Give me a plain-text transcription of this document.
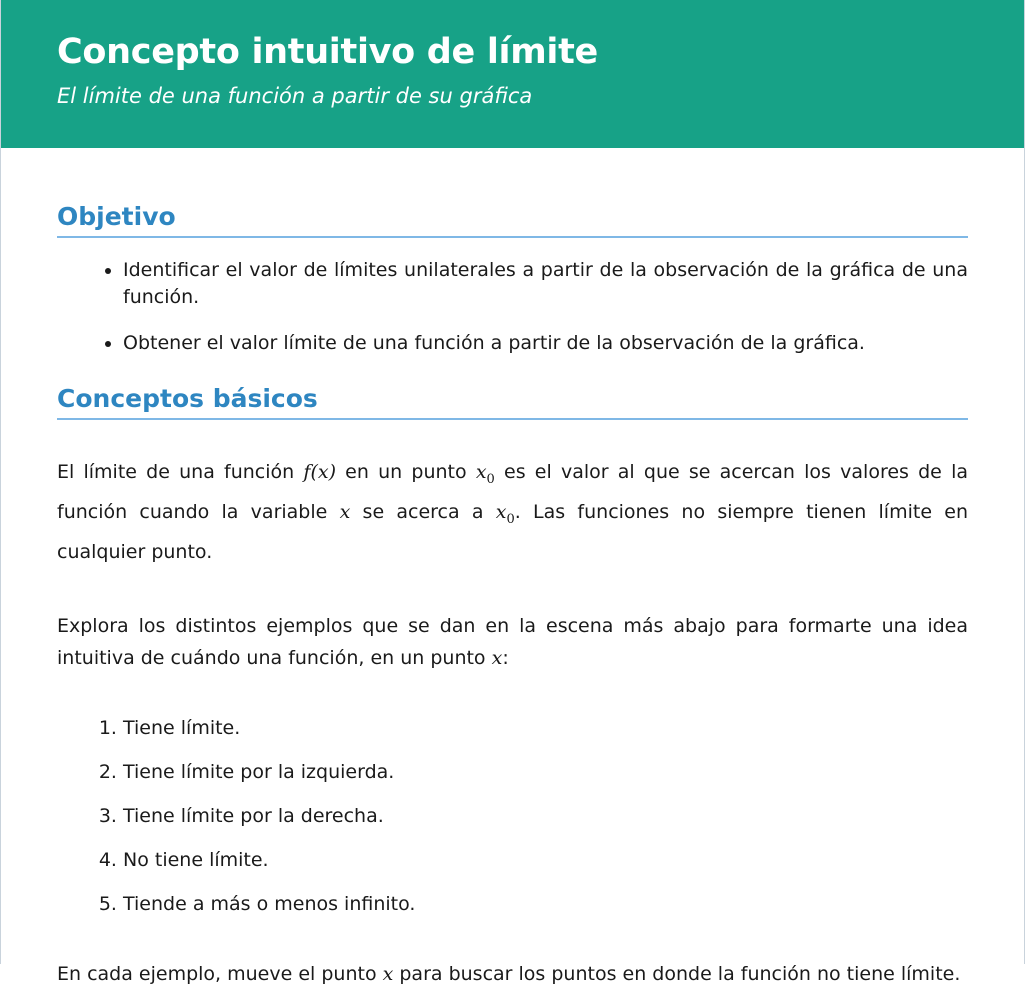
Concepto intuitivo de límite
El límite de una función a partir de su gráfica
Objetivo
• Identificar el valor de límites unilaterales a partir de la observación de la gráfica de una función.
• Obtener el valor límite de una función a partir de la observación de la gráfica.
Conceptos básicos

El límite de una función f(x) en un punto $x_0$ es el valor al que se acercan los valores de la función cuando la variable x se acerca a $x_0$. Las funciones no siempre tienen límite en cualquier punto.

Explora los distintos ejemplos que se dan en la escena más abajo para formarte una idea intuitiva de cuándo una función, en un punto x:

1. Tiene límite.
2. Tiene límite por la izquierda.
3. Tiene límite por la derecha.
4. No tiene límite.
5. Tiende a más o menos infinito.

En cada ejemplo, mueve el punto x para buscar los puntos en donde la función no tiene límite.
